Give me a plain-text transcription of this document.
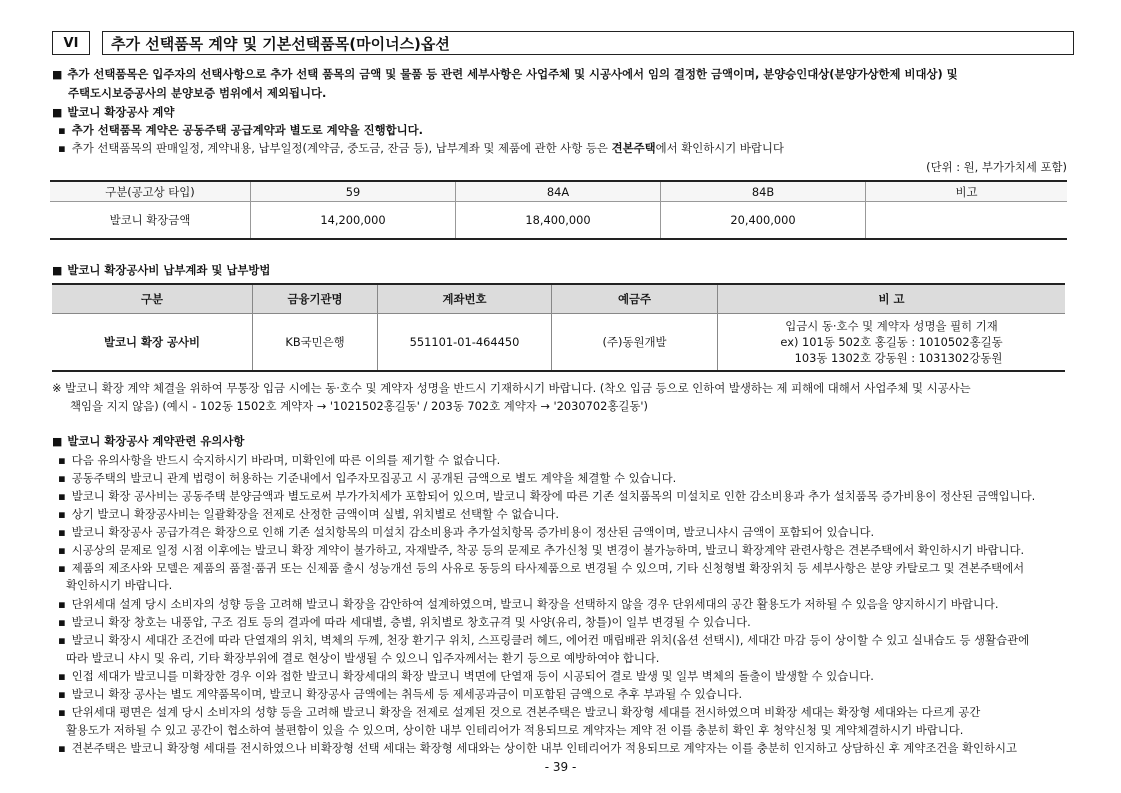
VI	추가 선택품목 계약 및 기본선택품목(마이너스)옵션
■ 추가 선택품목은 입주자의 선택사항으로 추가 선택 품목의 금액 및 물품 등 관련 세부사항은 사업주체 및 시공사에서 임의 결정한 금액이며, 분양승인대상(분양가상한제 비대상) 및
주택도시보증공사의 분양보증 범위에서 제외됩니다.
■ 발코니 확장공사 계약
▪ 추가 선택품목 계약은 공동주택 공급계약과 별도로 계약을 진행합니다.
▪ 추가 선택품목의 판매일정, 계약내용, 납부일정(계약금, 중도금, 잔금 등), 납부계좌 및 제품에 관한 사항 등은 견본주택에서 확인하시기 바랍니다
(단위 : 원, 부가가치세 포함)
구분(공고상 타입)	59	84A	84B	비고
발코니 확장금액	14,200,000	18,400,000	20,400,000	
■ 발코니 확장공사비 납부계좌 및 납부방법
구분	금융기관명	계좌번호	예금주	비 고
발코니 확장 공사비	KB국민은행	551101-01-464450	(주)동원개발	입금시 동·호수 및 계약자 성명을 필히 기재
ex) 101동 502호 홍길동 : 1010502홍길동
103동 1302호 강동원 : 1031302강동원
※ 발코니 확장 계약 체결을 위하여 무통장 입금 시에는 동·호수 및 계약자 성명을 반드시 기재하시기 바랍니다. (착오 입금 등으로 인하여 발생하는 제 피해에 대해서 사업주체 및 시공사는
책임을 지지 않음) (예시 - 102동 1502호 계약자 → '1021502홍길동' / 203동 702호 계약자 → '2030702홍길동')
■ 발코니 확장공사 계약관련 유의사항
▪ 다음 유의사항을 반드시 숙지하시기 바라며, 미확인에 따른 이의를 제기할 수 없습니다.
▪ 공동주택의 발코니 관계 법령이 허용하는 기준내에서 입주자모집공고 시 공개된 금액으로 별도 계약을 체결할 수 있습니다.
▪ 발코니 확장 공사비는 공동주택 분양금액과 별도로써 부가가치세가 포함되어 있으며, 발코니 확장에 따른 기존 설치품목의 미설치로 인한 감소비용과 추가 설치품목 증가비용이 정산된 금액입니다.
▪ 상기 발코니 확장공사비는 일괄확장을 전제로 산정한 금액이며 실별, 위치별로 선택할 수 없습니다.
▪ 발코니 확장공사 공급가격은 확장으로 인해 기존 설치항목의 미설치 감소비용과 추가설치항목 증가비용이 정산된 금액이며, 발코니샤시 금액이 포함되어 있습니다.
▪ 시공상의 문제로 일정 시점 이후에는 발코니 확장 계약이 불가하고, 자재발주, 착공 등의 문제로 추가신청 및 변경이 불가능하며, 발코니 확장계약 관련사항은 견본주택에서 확인하시기 바랍니다.
▪ 제품의 제조사와 모델은 제품의 품절·품귀 또는 신제품 출시 성능개선 등의 사유로 동등의 타사제품으로 변경될 수 있으며, 기타 신청형별 확장위치 등 세부사항은 분양 카탈로그 및 견본주택에서
확인하시기 바랍니다.
▪ 단위세대 설계 당시 소비자의 성향 등을 고려해 발코니 확장을 감안하여 설계하였으며, 발코니 확장을 선택하지 않을 경우 단위세대의 공간 활용도가 저하될 수 있음을 양지하시기 바랍니다.
▪ 발코니 확장 창호는 내풍압, 구조 검토 등의 결과에 따라 세대별, 층별, 위치별로 창호규격 및 사양(유리, 창틀)이 일부 변경될 수 있습니다.
▪ 발코니 확장시 세대간 조건에 따라 단열재의 위치, 벽체의 두께, 천장 환기구 위치, 스프링클러 헤드, 에어컨 매립배관 위치(옵션 선택시), 세대간 마감 등이 상이할 수 있고 실내습도 등 생활습관에
따라 발코니 샤시 및 유리, 기타 확장부위에 결로 현상이 발생될 수 있으니 입주자께서는 환기 등으로 예방하여야 합니다.
▪ 인접 세대가 발코니를 미확장한 경우 이와 접한 발코니 확장세대의 확장 발코니 벽면에 단열재 등이 시공되어 결로 발생 및 일부 벽체의 돌출이 발생할 수 있습니다.
▪ 발코니 확장 공사는 별도 계약품목이며, 발코니 확장공사 금액에는 취득세 등 제세공과금이 미포함된 금액으로 추후 부과될 수 있습니다.
▪ 단위세대 평면은 설계 당시 소비자의 성향 등을 고려해 발코니 확장을 전제로 설계된 것으로 견본주택은 발코니 확장형 세대를 전시하였으며 비확장 세대는 확장형 세대와는 다르게 공간
활용도가 저하될 수 있고 공간이 협소하여 불편함이 있을 수 있으며, 상이한 내부 인테리어가 적용되므로 계약자는 계약 전 이를 충분히 확인 후 청약신청 및 계약체결하시기 바랍니다.
▪ 견본주택은 발코니 확장형 세대를 전시하였으나 비확장형 선택 세대는 확장형 세대와는 상이한 내부 인테리어가 적용되므로 계약자는 이를 충분히 인지하고 상담하신 후 계약조건을 확인하시고
- 39 -
